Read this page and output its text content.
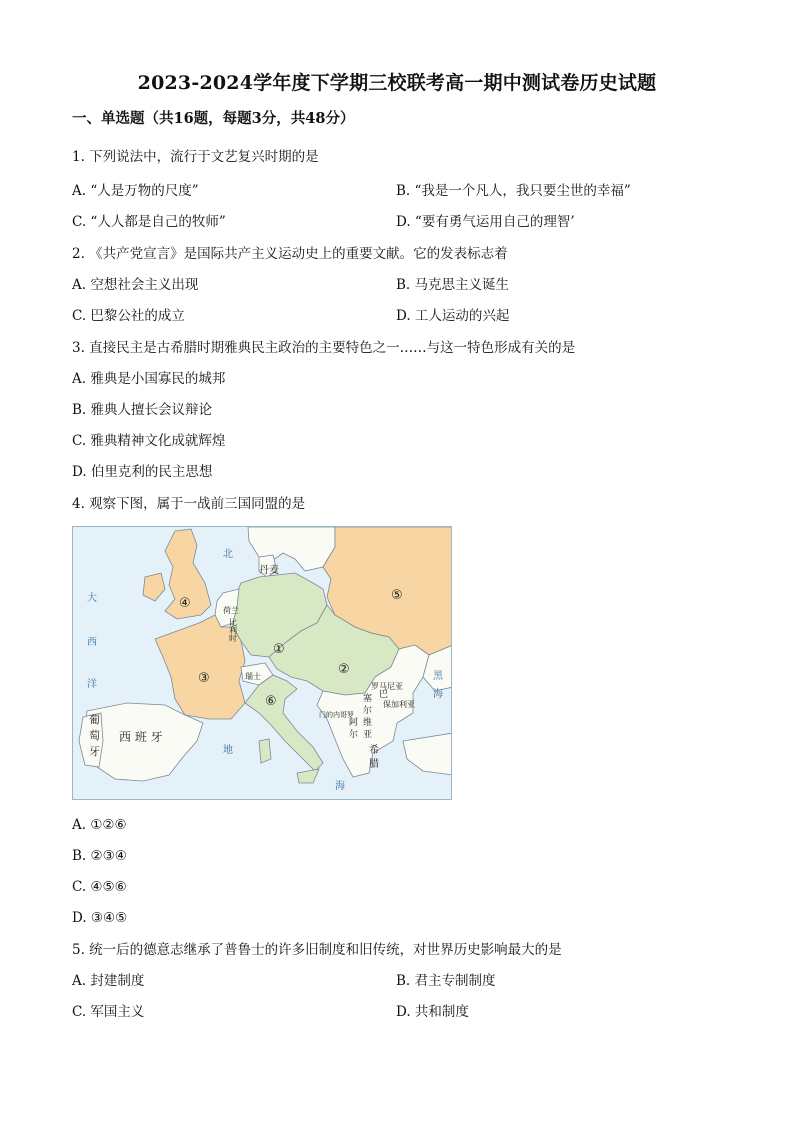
2023-2024学年度下学期三校联考高一期中测试卷历史试题
一、单选题（共16题，每题3分，共48分）
1. 下列说法中，流行于文艺复兴时期的是
A. “人是万物的尺度”	B. “我是一个凡人，我只要尘世的幸福”
C. “人人都是自己的牧师”	D. “要有勇气运用自己的理智’
2. 《共产党宣言》是国际共产主义运动史上的重要文献。它的发表标志着
A. 空想社会主义出现	B. 马克思主义诞生
C. 巴黎公社的成立	D. 工人运动的兴起
3. 直接民主是古希腊时期雅典民主政治的主要特色之一……与这一特色形成有关的是
A. 雅典是小国寡民的城邦
B. 雅典人擅长会议辩论
C. 雅典精神文化成就辉煌
D. 伯里克利的民主思想
4. 观察下图，属于一战前三国同盟的是
①
②
③
④
⑤
⑥
丹麦
瑞士
荷兰
比
利
时
葡
萄
牙
西 班 牙
罗马尼亚
保加利亚
门的内哥罗
塞
尔
维
亚
阿
尔
希
腊
巴
大
西
洋
北
黑
海
地
海
A. ①②⑥
B. ②③④
C. ④⑤⑥
D. ③④⑤
5. 统一后的德意志继承了普鲁士的许多旧制度和旧传统，对世界历史影响最大的是
A. 封建制度	B. 君主专制制度
C. 军国主义	D. 共和制度
